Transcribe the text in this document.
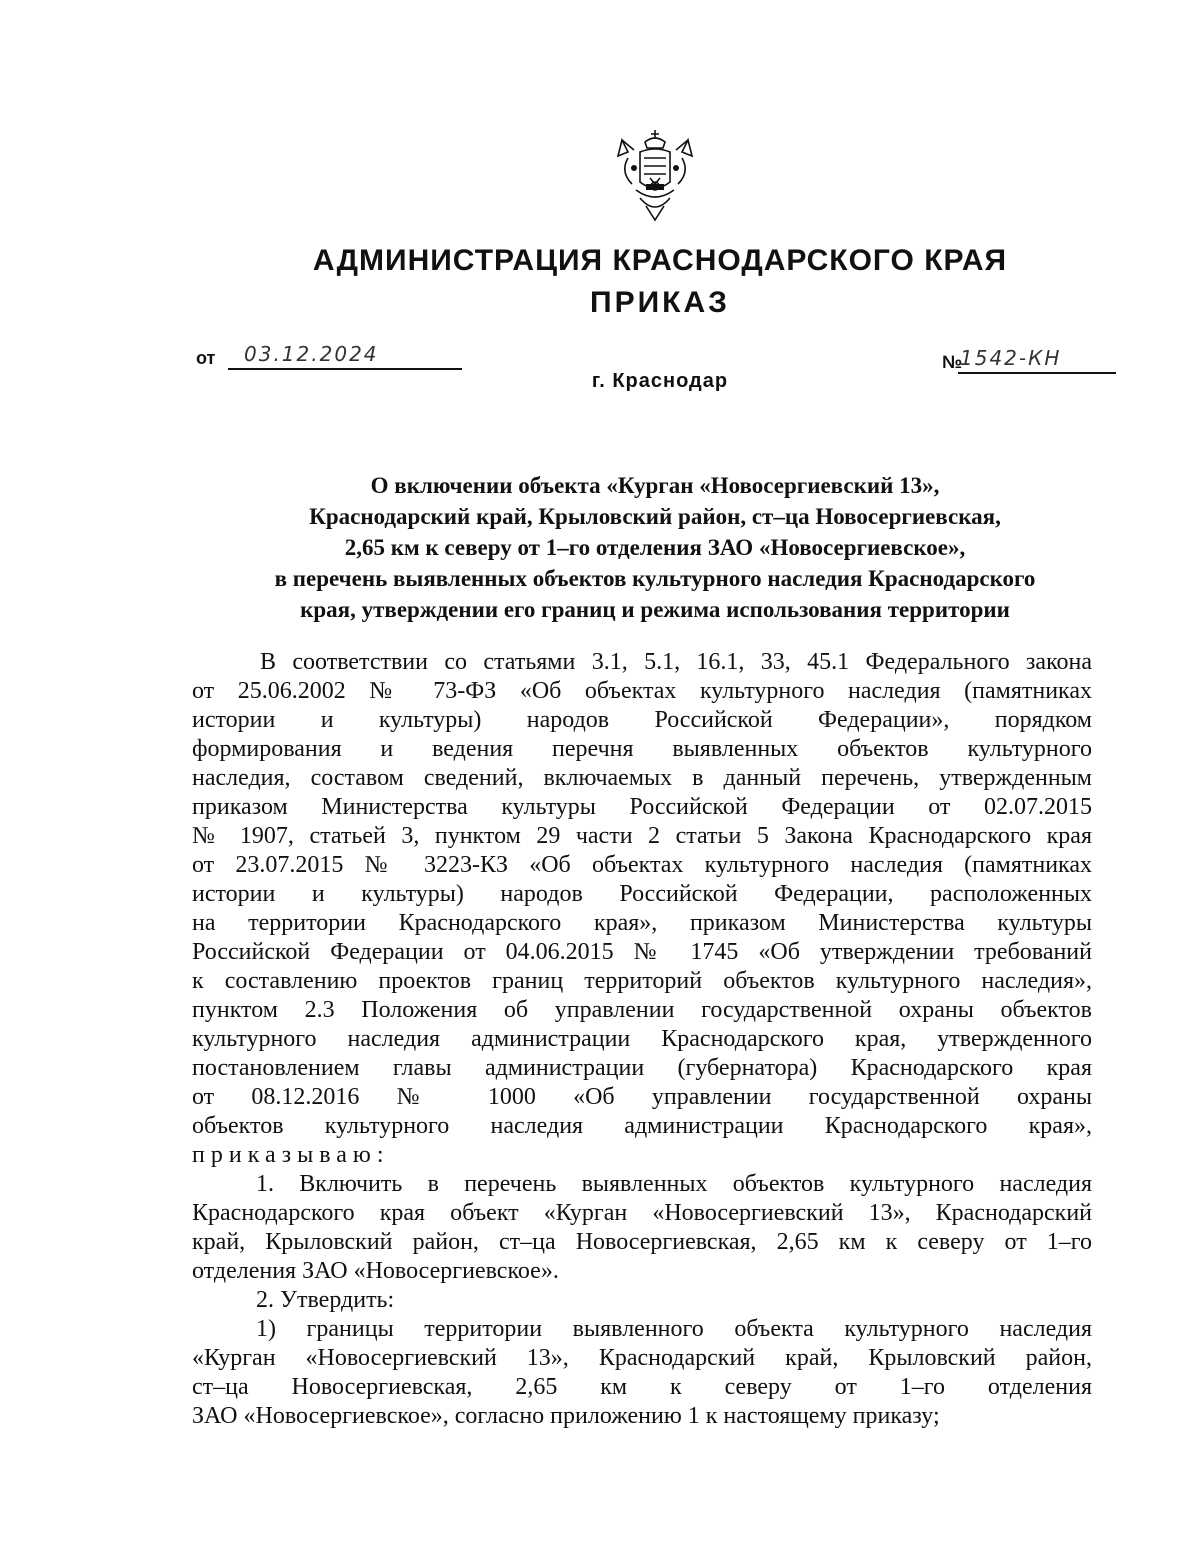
АДМИНИСТРАЦИЯ КРАСНОДАРСКОГО КРАЯ
ПРИКАЗ
от 03.12.2024	№
1542-КН
г. Краснодар
О включении объекта «Курган «Новосергиевский 13»,
Краснодарский край, Крыловский район, ст–ца Новосергиевская,
2,65 км к северу от 1–го отделения ЗАО «Новосергиевское»,
в перечень выявленных объектов культурного наследия Краснодарского
края, утверждении его границ и режима использования территории
В соответствии со статьями 3.1, 5.1, 16.1, 33, 45.1 Федерального закона
от 25.06.2002 № 73-ФЗ «Об объектах культурного наследия (памятниках
истории и культуры) народов Российской Федерации», порядком
формирования и ведения перечня выявленных объектов культурного
наследия, составом сведений, включаемых в данный перечень, утвержденным
приказом Министерства культуры Российской Федерации от 02.07.2015
№ 1907, статьей 3, пунктом 29 части 2 статьи 5 Закона Краснодарского края
от 23.07.2015 № 3223-КЗ «Об объектах культурного наследия (памятниках
истории и культуры) народов Российской Федерации, расположенных
на территории Краснодарского края», приказом Министерства культуры
Российской Федерации от 04.06.2015 № 1745 «Об утверждении требований
к составлению проектов границ территорий объектов культурного наследия»,
пунктом 2.3 Положения об управлении государственной охраны объектов
культурного наследия администрации Краснодарского края, утвержденного
постановлением главы администрации (губернатора) Краснодарского края
от 08.12.2016 № 1000 «Об управлении государственной охраны
объектов культурного наследия администрации Краснодарского края»,
приказываю:
1. Включить в перечень выявленных объектов культурного наследия
Краснодарского края объект «Курган «Новосергиевский 13», Краснодарский
край, Крыловский район, ст–ца Новосергиевская, 2,65 км к северу от 1–го
отделения ЗАО «Новосергиевское».
2. Утвердить:
1) границы территории выявленного объекта культурного наследия
«Курган «Новосергиевский 13», Краснодарский край, Крыловский район,
ст–ца Новосергиевская, 2,65 км к северу от 1–го отделения
ЗАО «Новосергиевское», согласно приложению 1 к настоящему приказу;
